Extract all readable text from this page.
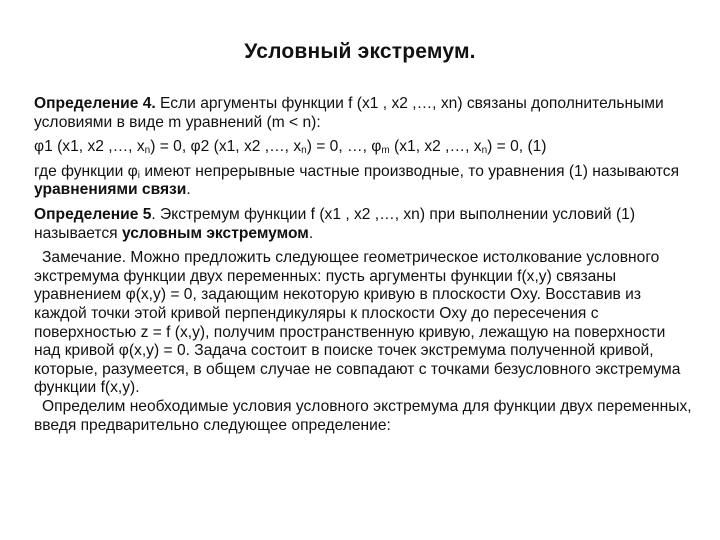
Условный экстремум.

Определение 4. Если аргументы функции f (x1 , x2 ,…, xn) связаны дополнительными условиями в виде m уравнений (m < n):

φ1 (x1, x2 ,…, $x_n) = 0$, φ2 (x1, x2 ,…, $x_n) = 0$, …, $\varphi_m$ (x1, x2 ,…, $x_n) = 0$, (1)

где функции $\varphi_i$ имеют непрерывные частные производные, то уравнения (1) называются уравнениями связи.

Определение 5. Экстремум функции f (x1 , x2 ,…, xn) при выполнении условий (1) называется условным экстремумом.

Замечание. Можно предложить следующее геометрическое истолкование условного экстремума функции двух переменных: пусть аргументы функции f(x,y) связаны уравнением φ(x,y) = 0, задающим некоторую кривую в плоскости Oxy. Восставив из каждой точки этой кривой перпендикуляры к плоскости Oxy до пересечения с поверхностью z = f (x,y), получим пространственную кривую, лежащую на поверхности над кривой φ(x,y) = 0. Задача состоит в поиске точек экстремума полученной кривой, которые, разумеется, в общем случае не совпадают с точками безусловного экстремума функции f(x,y).

Определим необходимые условия условного экстремума для функции двух переменных, введя предварительно следующее определение:
